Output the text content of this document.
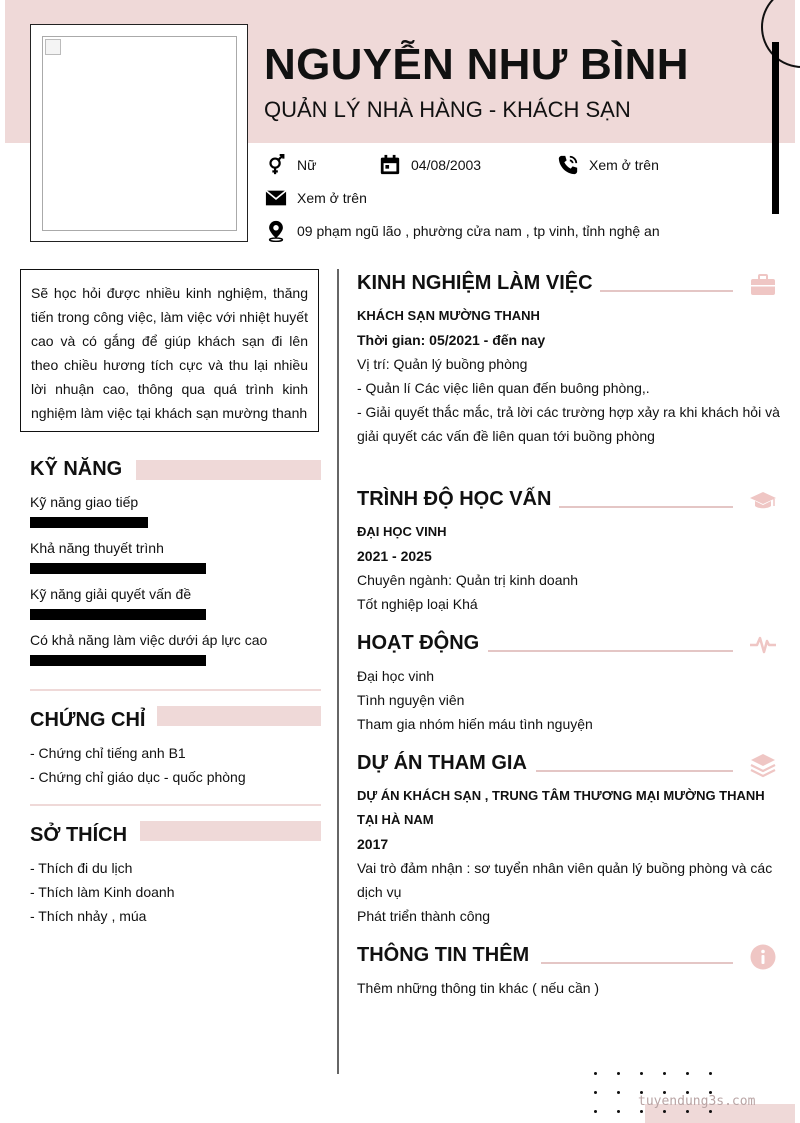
NGUYỄN NHƯ BÌNH
QUẢN LÝ NHÀ HÀNG - KHÁCH SẠN
Nữ	04/08/2003	Xem ở trên
Xem ở trên
09 phạm ngũ lão , phường cửa nam , tp vinh, tỉnh nghệ an
Sẽ học hỏi được nhiều kinh nghiệm, thăng tiến trong công việc, làm việc với nhiệt huyết cao và có gắng để giúp khách sạn đi lên theo chiều hương tích cực và thu lại nhiều lời nhuận cao, thông qua quá trình kinh nghiệm làm việc tại khách sạn mường thanh
KỸ NĂNG
Kỹ năng giao tiếp
Khả năng thuyết trình
Kỹ năng giải quyết vấn đề
Có khả năng làm việc dưới áp lực cao
CHỨNG CHỈ
- Chứng chỉ tiếng anh B1
- Chứng chỉ giáo dục - quốc phòng
SỞ THÍCH
- Thích đi du lịch
- Thích làm Kinh doanh
- Thích nhảy , múa
KINH NGHIỆM LÀM VIỆC
KHÁCH SẠN MƯỜNG THANH
Thời gian: 05/2021 - đến nay
Vị trí: Quản lý buồng phòng
- Quản lí Các việc liên quan đến buông phòng,.
- Giải quyết thắc mắc, trả lời các trường hợp xảy ra khi khách hỏi và
giải quyết các vấn đề liên quan tới buồng phòng
TRÌNH ĐỘ HỌC VẤN
ĐẠI HỌC VINH
2021 - 2025
Chuyên ngành: Quản trị kinh doanh
Tốt nghiệp loại Khá
HOẠT ĐỘNG
Đại học vinh
Tình nguyện viên
Tham gia nhóm hiến máu tình nguyện
DỰ ÁN THAM GIA
DỰ ÁN KHÁCH SẠN , TRUNG TÂM THƯƠNG MẠI MƯỜNG THANH
TẠI HÀ NAM
2017
Vai trò đảm nhận : sơ tuyển nhân viên quản lý buồng phòng và các
dịch vụ
Phát triển thành công
THÔNG TIN THÊM
Thêm những thông tin khác ( nếu cần )
tuyendung3s.com
